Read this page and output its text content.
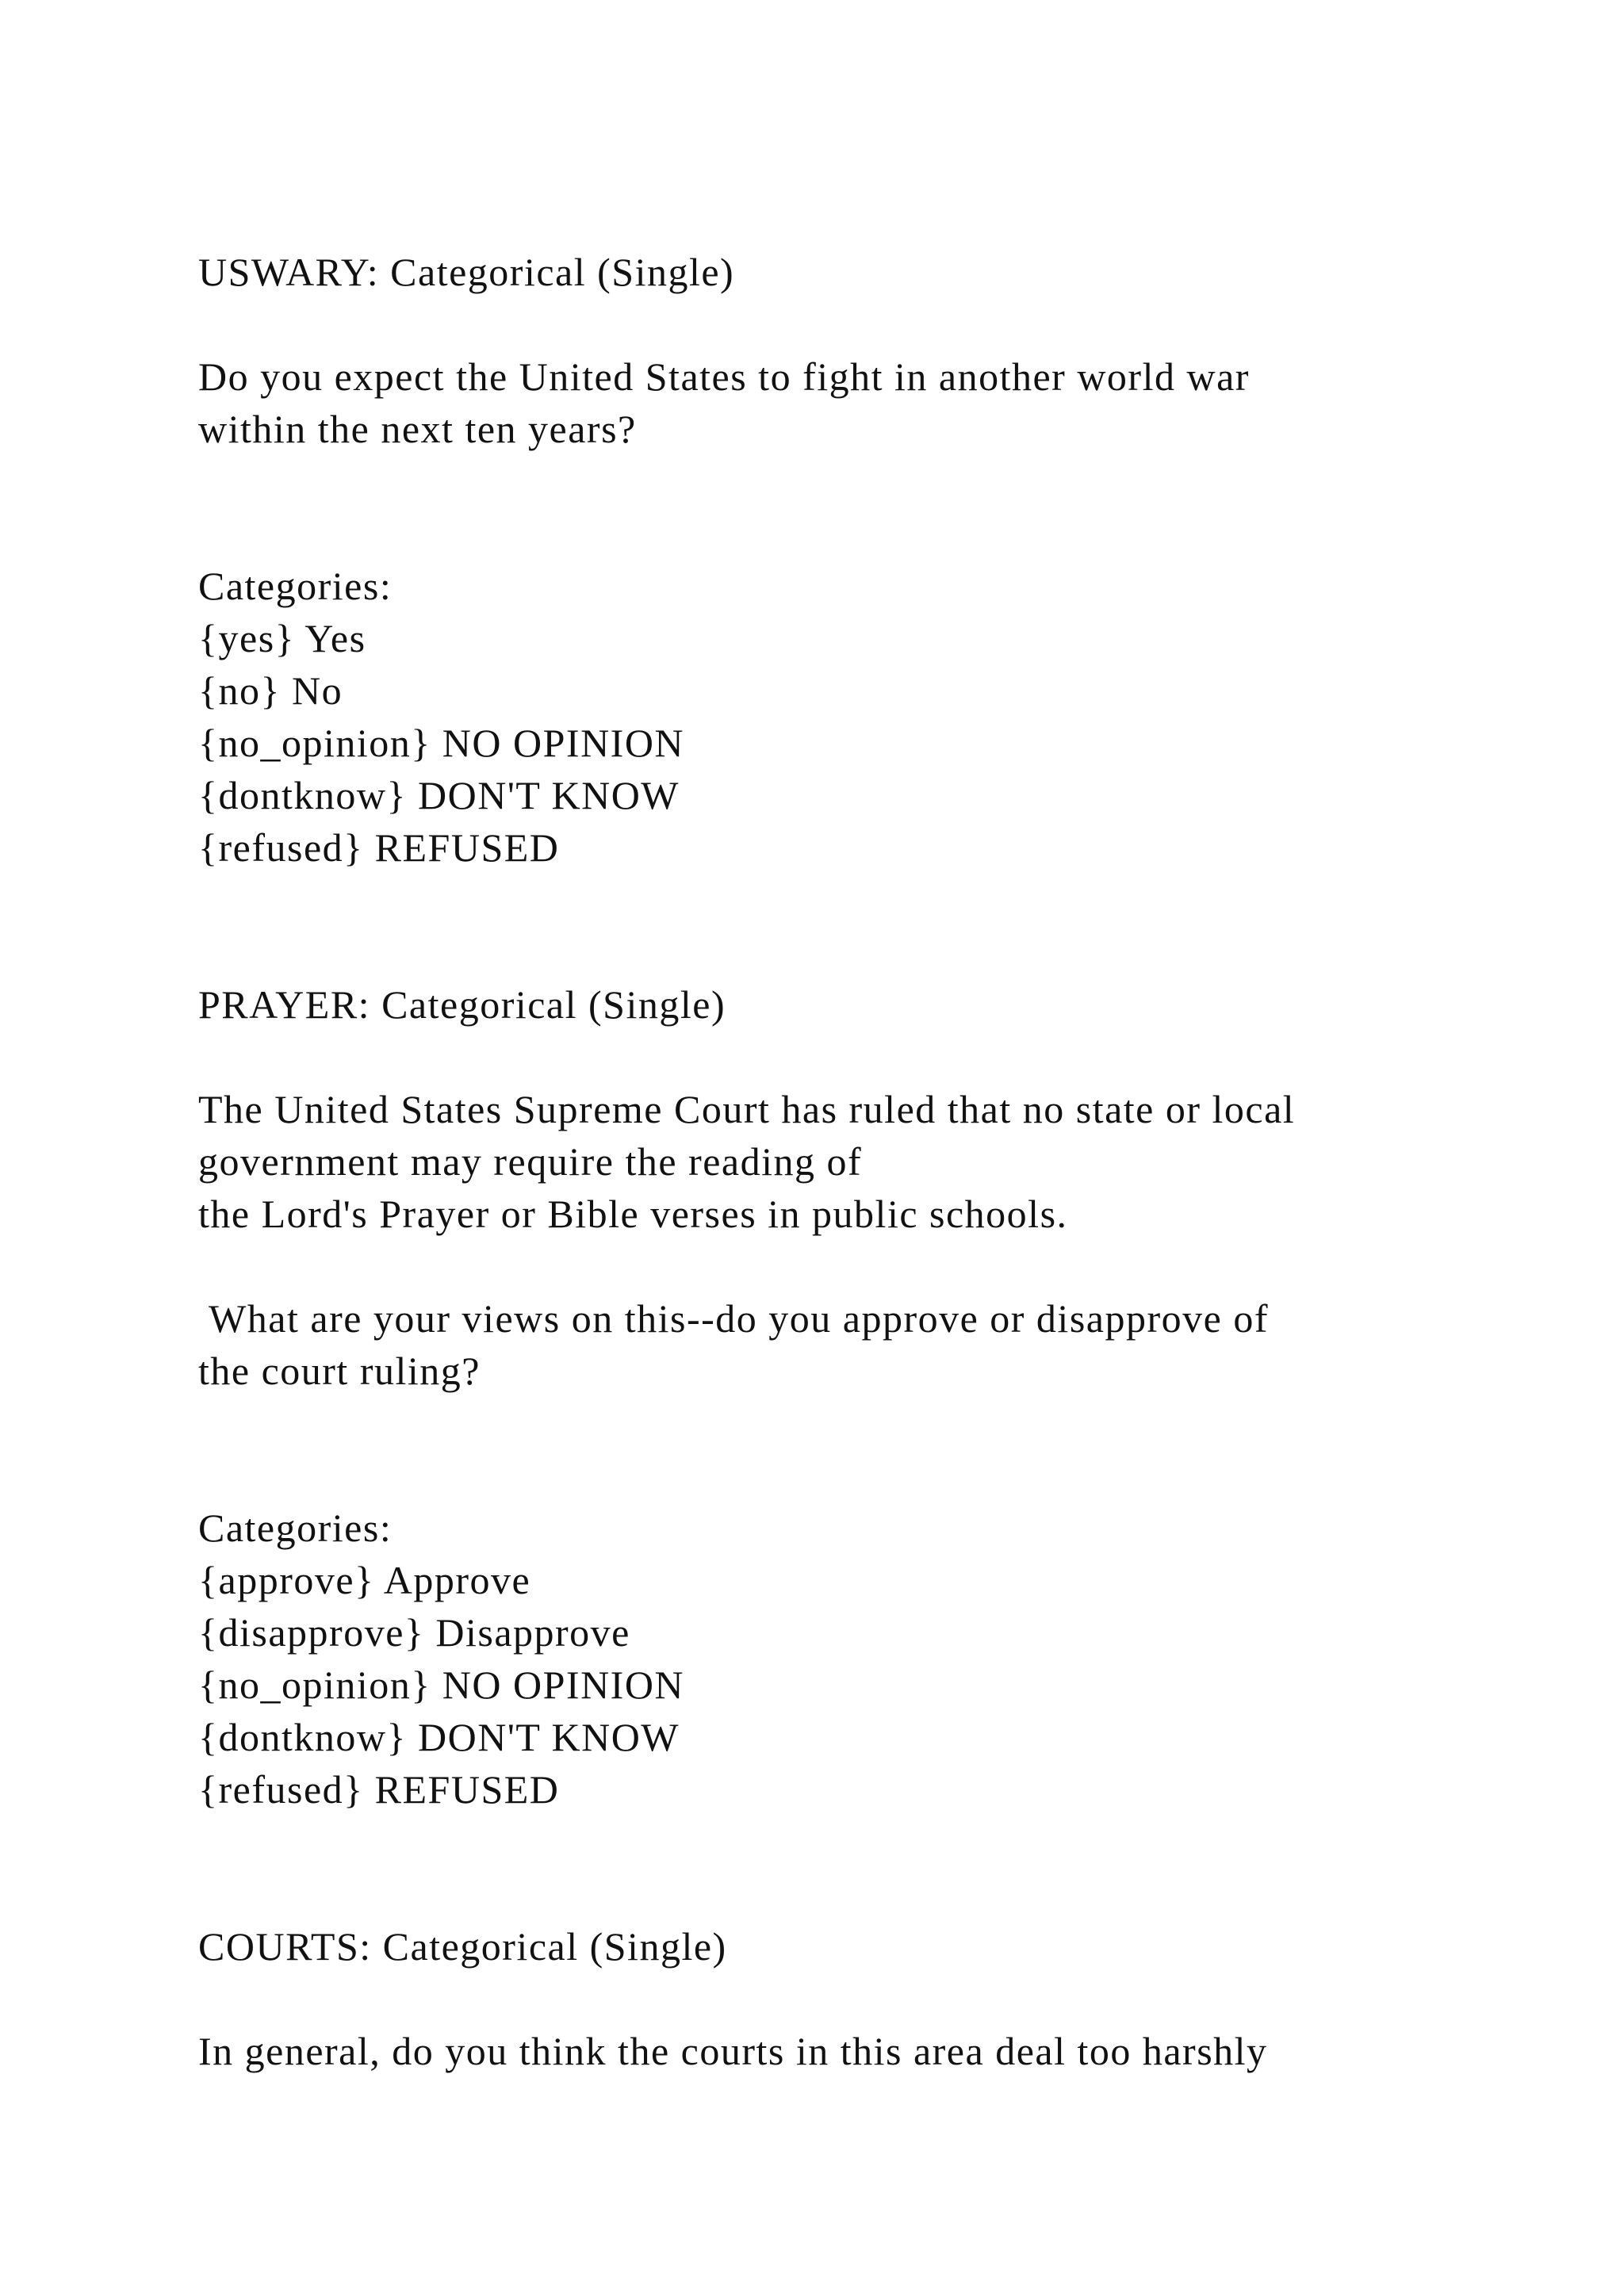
USWARY: Categorical (Single)
Do you expect the United States to fight in another world war
within the next ten years?
Categories:
{yes} Yes
{no} No
{no_opinion} NO OPINION
{dontknow} DON'T KNOW
{refused} REFUSED
PRAYER: Categorical (Single)
The United States Supreme Court has ruled that no state or local
government may require the reading of
the Lord's Prayer or Bible verses in public schools.
What are your views on this--do you approve or disapprove of
the court ruling?
Categories:
{approve} Approve
{disapprove} Disapprove
{no_opinion} NO OPINION
{dontknow} DON'T KNOW
{refused} REFUSED
COURTS: Categorical (Single)
In general, do you think the courts in this area deal too harshly
